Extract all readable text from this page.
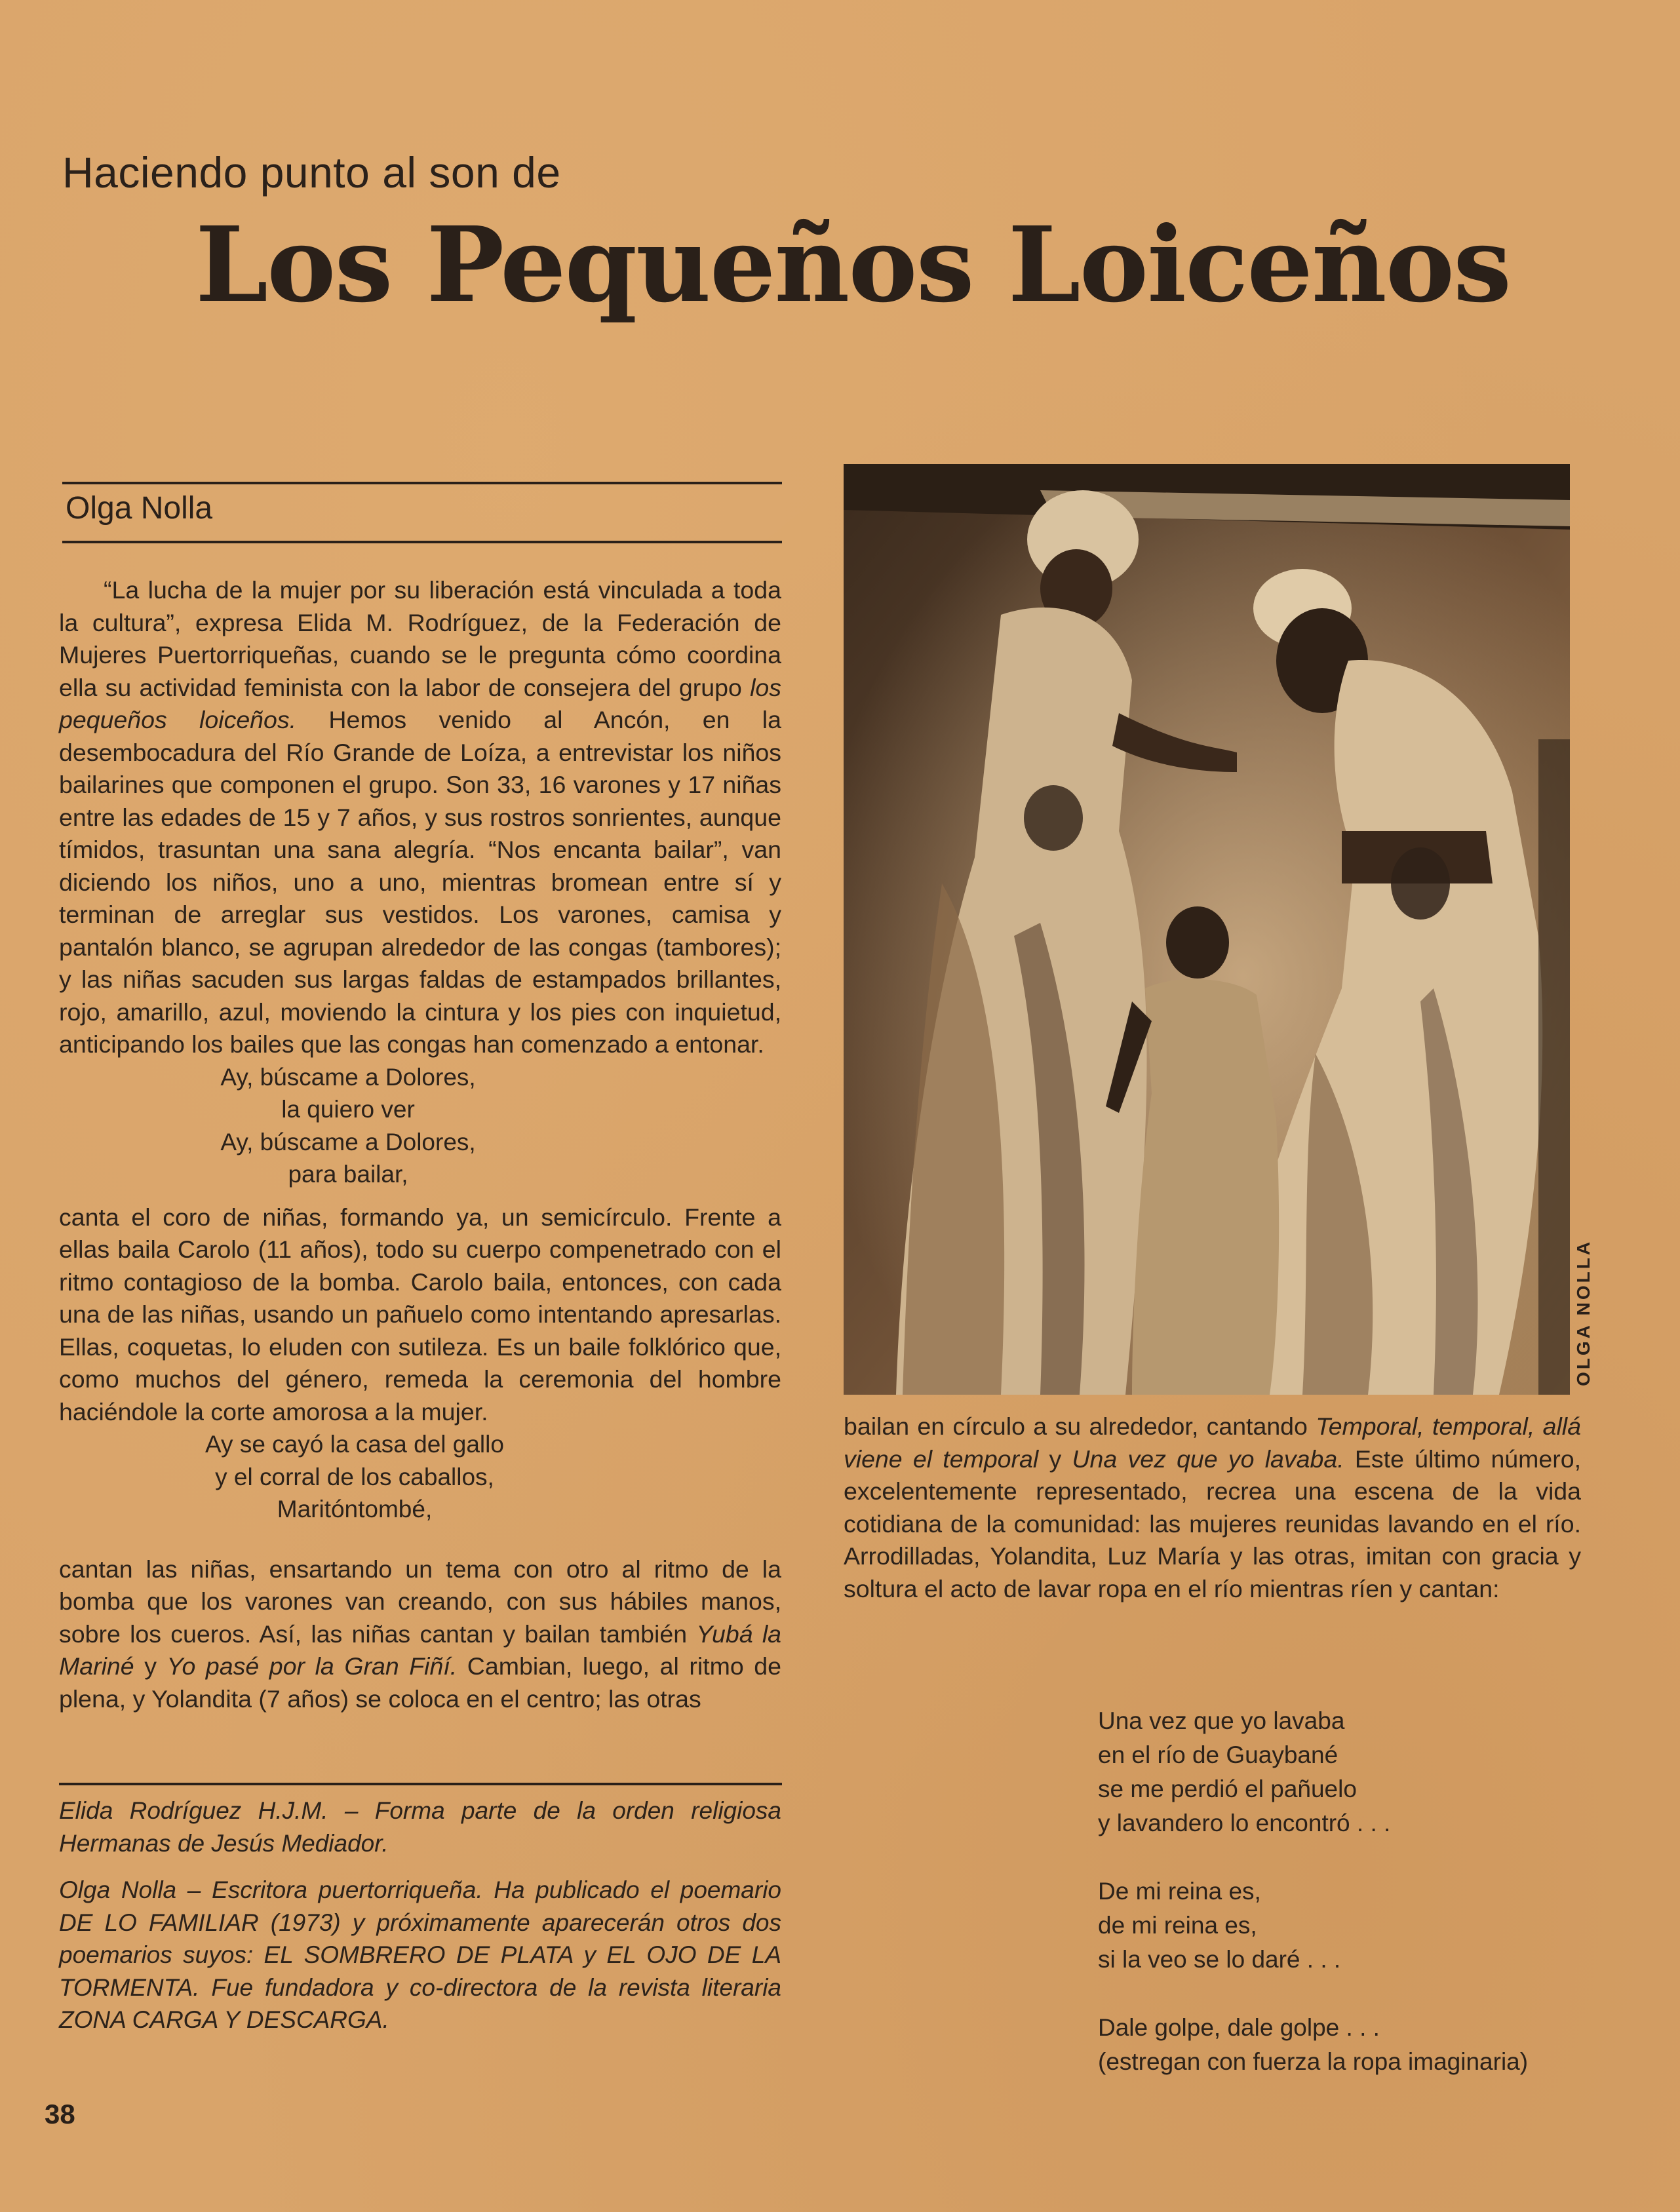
Haciendo punto al son de
Los Pequeños Loiceños
Olga Nolla

“La lucha de la mujer por su liberación está vinculada a toda la cultura”, expresa Elida M. Rodríguez, de la Federación de Mujeres Puertorriqueñas, cuando se le pregunta cómo coordina ella su actividad feminista con la labor de consejera del grupo los pequeños loiceños. Hemos venido al Ancón, en la desembocadura del Río Grande de Loíza, a entrevistar los niños bailarines que componen el grupo. Son 33, 16 varones y 17 niñas entre las edades de 15 y 7 años, y sus rostros sonrientes, aunque tímidos, trasuntan una sana alegría. “Nos encanta bailar”, van diciendo los niños, uno a uno, mientras bromean entre sí y terminan de arreglar sus vestidos. Los varones, camisa y pantalón blanco, se agrupan alrededor de las congas (tambores); y las niñas sacuden sus largas faldas de estampados brillantes, rojo, amarillo, azul, moviendo la cintura y los pies con inquietud, anticipando los bailes que las congas han comenzado a entonar.

Ay, búscame a Dolores,
la quiero ver
Ay, búscame a Dolores,
para bailar,

canta el coro de niñas, formando ya, un semicírculo. Frente a ellas baila Carolo (11 años), todo su cuerpo compenetrado con el ritmo contagioso de la bomba. Carolo baila, entonces, con cada una de las niñas, usando un pañuelo como intentando apresarlas. Ellas, coquetas, lo eluden con sutileza. Es un baile folklórico que, como muchos del género, remeda la ceremonia del hombre haciéndole la corte amorosa a la mujer.

Ay se cayó la casa del gallo
y el corral de los caballos,
Maritóntombé,

cantan las niñas, ensartando un tema con otro al ritmo de la bomba que los varones van creando, con sus hábiles manos, sobre los cueros. Así, las niñas cantan y bailan también Yubá la Mariné y Yo pasé por la Gran Fiñí. Cambian, luego, al ritmo de plena, y Yolandita (7 años) se coloca en el centro; las otras

Elida Rodríguez H.J.M. – Forma parte de la orden religiosa Hermanas de Jesús Mediador.

Olga Nolla – Escritora puertorriqueña. Ha publicado el poemario DE LO FAMILIAR (1973) y próximamente aparecerán otros dos poemarios suyos: EL SOMBRERO DE PLATA y EL OJO DE LA TORMENTA. Fue fundadora y co-directora de la revista literaria ZONA CARGA Y DESCARGA.

38
OLGA NOLLA

bailan en círculo a su alrededor, cantando Temporal, temporal, allá viene el temporal y Una vez que yo lavaba. Este último número, excelentemente representado, recrea una escena de la vida cotidiana de la comunidad: las mujeres reunidas lavando en el río. Arrodilladas, Yolandita, Luz María y las otras, imitan con gracia y soltura el acto de lavar ropa en el río mientras ríen y cantan:

Una vez que yo lavaba
en el río de Guaybané
se me perdió el pañuelo
y lavandero lo encontró . . .
De mi reina es,
de mi reina es,
si la veo se lo daré . . .
Dale golpe, dale golpe . . .
(estregan con fuerza la ropa imaginaria)
